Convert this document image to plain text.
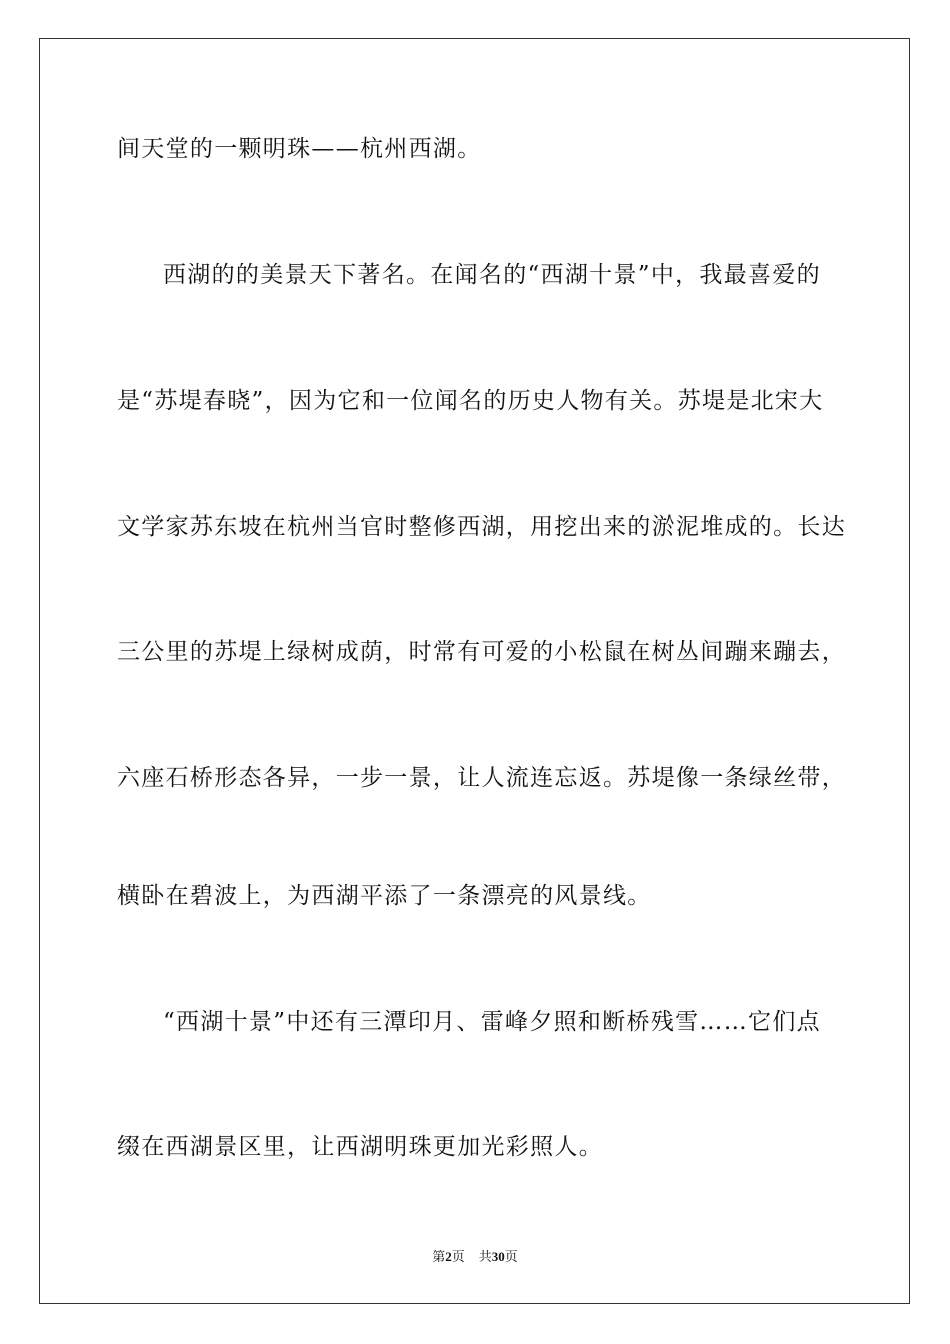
间天堂的一颗明珠——杭州西湖。
西湖的的美景天下著名。在闻名的“西湖十景”中，我最喜爱的
是“苏堤春晓”，因为它和一位闻名的历史人物有关。苏堤是北宋大
文学家苏东坡在杭州当官时整修西湖，用挖出来的淤泥堆成的。长达
三公里的苏堤上绿树成荫，时常有可爱的小松鼠在树丛间蹦来蹦去，
六座石桥形态各异，一步一景，让人流连忘返。苏堤像一条绿丝带，
横卧在碧波上，为西湖平添了一条漂亮的风景线。
“西湖十景”中还有三潭印月、雷峰夕照和断桥残雪……它们点
缀在西湖景区里，让西湖明珠更加光彩照人。
第2页 共30页
